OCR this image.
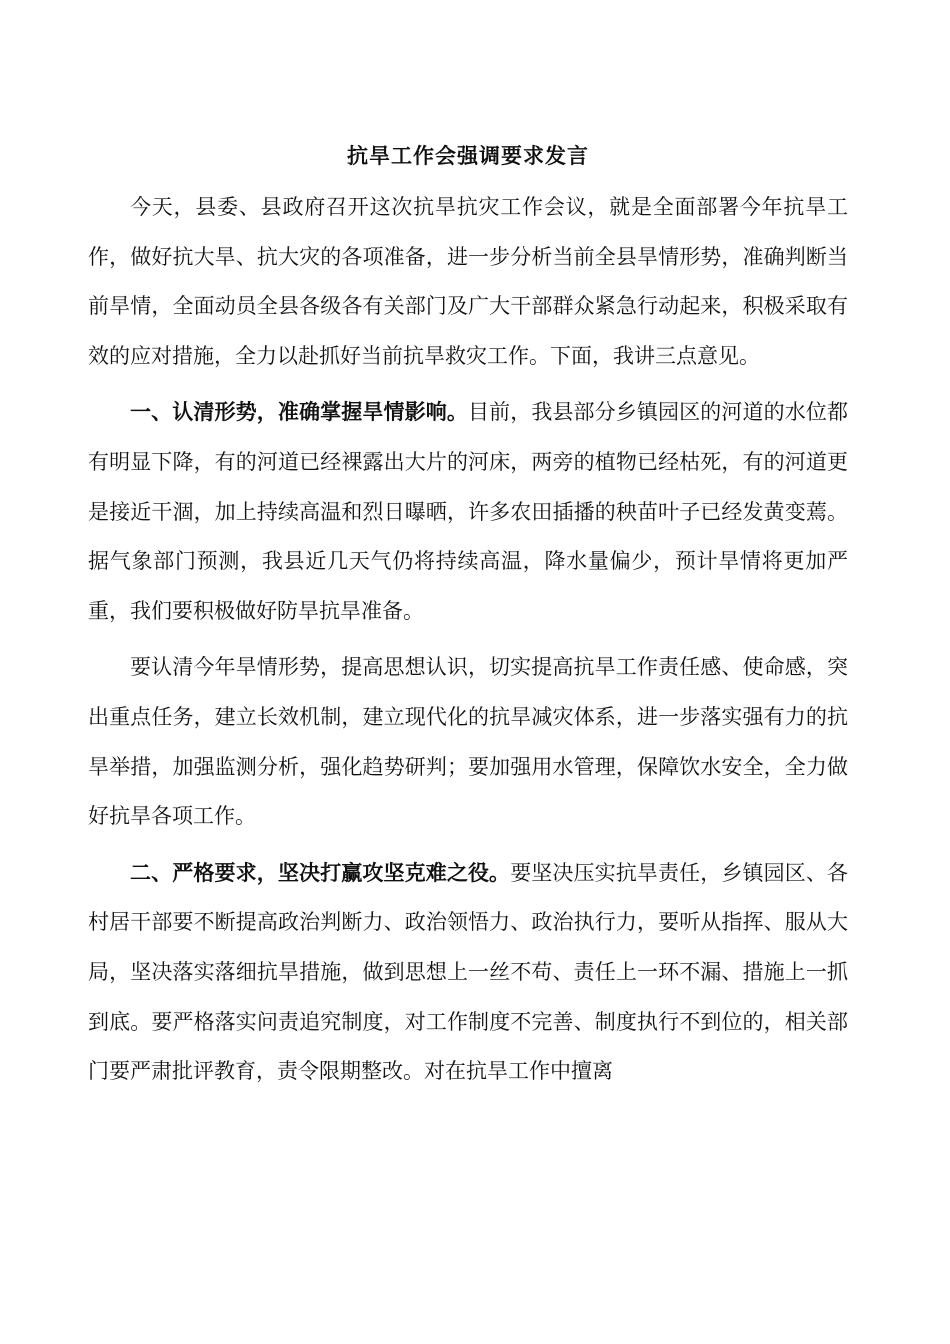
抗旱工作会强调要求发言

今天，县委、县政府召开这次抗旱抗灾工作会议，就是全面部署今年抗旱工作，做好抗大旱、抗大灾的各项准备，进一步分析当前全县旱情形势，准确判断当前旱情，全面动员全县各级各有关部门及广大干部群众紧急行动起来，积极采取有效的应对措施，全力以赴抓好当前抗旱救灾工作。下面，我讲三点意见。

一、认清形势，准确掌握旱情影响。目前，我县部分乡镇园区的河道的水位都有明显下降，有的河道已经裸露出大片的河床，两旁的植物已经枯死，有的河道更是接近干涸，加上持续高温和烈日曝晒，许多农田插播的秧苗叶子已经发黄变蔫。据气象部门预测，我县近几天气仍将持续高温，降水量偏少，预计旱情将更加严重，我们要积极做好防旱抗旱准备。

要认清今年旱情形势，提高思想认识，切实提高抗旱工作责任感、使命感，突出重点任务，建立长效机制，建立现代化的抗旱减灾体系，进一步落实强有力的抗旱举措，加强监测分析，强化趋势研判；要加强用水管理，保障饮水安全，全力做好抗旱各项工作。

二、严格要求，坚决打赢攻坚克难之役。要坚决压实抗旱责任，乡镇园区、各村居干部要不断提高政治判断力、政治领悟力、政治执行力，要听从指挥、服从大局，坚决落实落细抗旱措施，做到思想上一丝不苟、责任上一环不漏、措施上一抓到底。要严格落实问责追究制度，对工作制度不完善、制度执行不到位的，相关部门要严肃批评教育，责令限期整改。对在抗旱工作中擅离
